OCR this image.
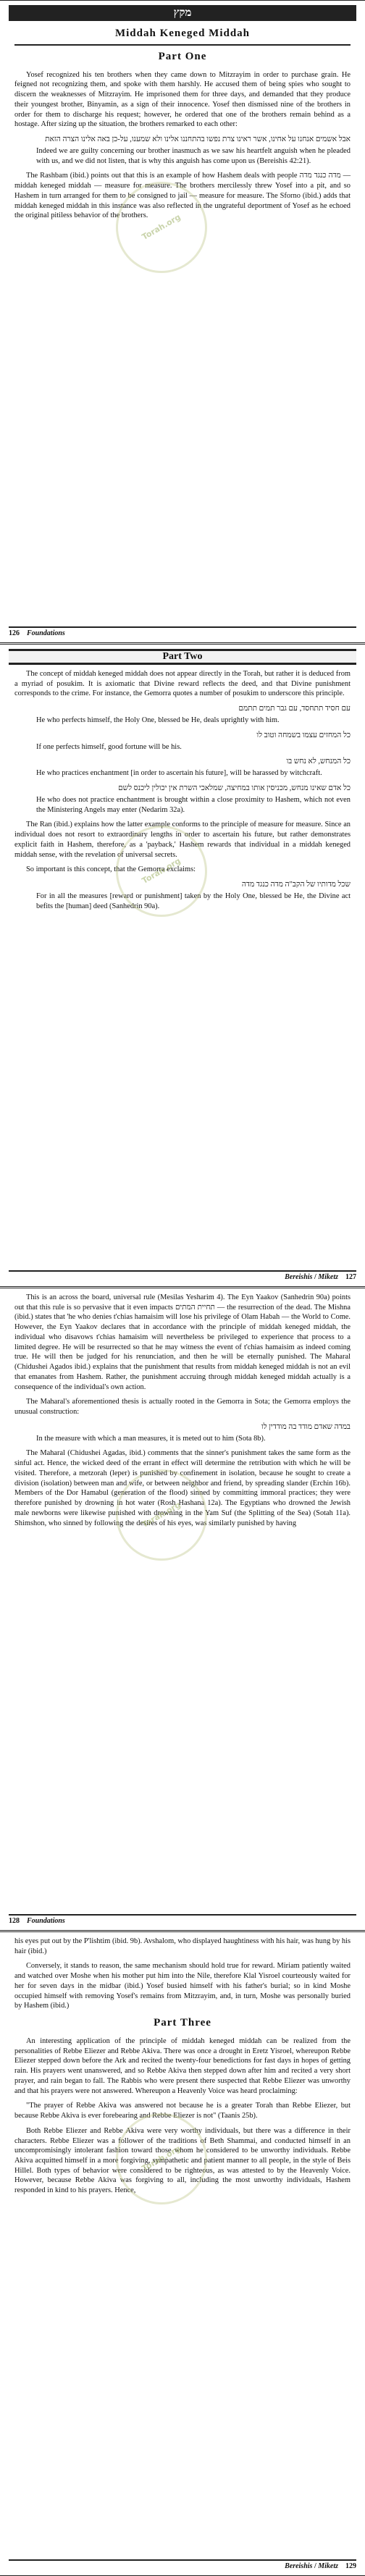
מקץ
Middah Keneged Middah
Part One

Yosef recognized his ten brothers when they came down to Mitzrayim in order to purchase grain. He feigned not recognizing them, and spoke with them harshly. He accused them of being spies who sought to discern the weaknesses of Mitzrayim. He imprisoned them for three days, and demanded that they produce their youngest brother, Binyamin, as a sign of their innocence. Yosef then dismissed nine of the brothers in order for them to discharge his request; however, he ordered that one of the brothers remain behind as a hostage. After sizing up the situation, the brothers remarked to each other:

אבל אשמים אנחנו על אחינו, אשר ראינו צרת נפשו בהתחננו אלינו ולא שמענו, על-כן באה אלינו הצרה הזאת
Indeed we are guilty concerning our brother inasmuch as we saw his heartfelt anguish when he pleaded with us, and we did not listen, that is why this anguish has come upon us (Bereishis 42:21).

The Rashbam (ibid.) points out that this is an example of how Hashem deals with people מדה כנגד מדה — middah keneged middah — measure for measure. The brothers mercilessly threw Yosef into a pit, and so Hashem in turn arranged for them to be consigned to jail — measure for measure. The Sforno (ibid.) adds that middah keneged middah in this instance was also reflected in the ungrateful deportment of Yosef as he echoed the original pitiless behavior of the brothers.

Torah.org
126 Foundations
Part Two

The concept of middah keneged middah does not appear directly in the Torah, but rather it is deduced from a myriad of posukim. It is axiomatic that Divine reward reflects the deed, and that Divine punishment corresponds to the crime. For instance, the Gemorra quotes a number of posukim to underscore this principle.

עם חסיד תתחסד, עם גבר תמים תתמם
He who perfects himself, the Holy One, blessed be He, deals uprightly with him.
כל המחזים עצמו בשמחה וטוב לו
If one perfects himself, good fortune will be his.
כל המנחש, לא נחש בו
He who practices enchantment [in order to ascertain his future], will be harassed by witchcraft.
כל אדם שאינו מנחש, מכניסין אותו במחיצה, שמלאכי השרת אין יכולין ליכנס לשם
He who does not practice enchantment is brought within a close proximity to Hashem, which not even the Ministering Angels may enter (Nedarim 32a).

The Ran (ibid.) explains how the latter example conforms to the principle of measure for measure. Since an individual does not resort to extraordinary lengths in order to ascertain his future, but rather demonstrates explicit faith in Hashem, therefore, as a 'payback,' Hashem rewards that individual in a middah keneged middah sense, with the revelation of universal secrets.

So important is this concept, that the Gemorra exclaims:

שכל מדותיו של הקב"ה מדה כנגד מדה
For in all the measures [reward or punishment] taken by the Holy One, blessed be He, the Divine act befits the [human] deed (Sanhedrin 90a).
Torah.org
Bereishis / Miketz 127

This is an across the board, universal rule (Mesilas Yesharim 4). The Eyn Yaakov (Sanhedrin 90a) points out that this rule is so pervasive that it even impacts תחיית המתים — the resurrection of the dead. The Mishna (ibid.) states that 'he who denies t'chias hamaisim will lose his privilege of Olam Habah — the World to Come. However, the Eyn Yaakov declares that in accordance with the principle of middah keneged middah, the individual who disavows t'chias hamaisim will nevertheless be privileged to experience that process to a limited degree. He will be resurrected so that he may witness the event of t'chias hamaisim as indeed coming true. He will then be judged for his renunciation, and then he will be eternally punished. The Maharal (Chidushei Agados ibid.) explains that the punishment that results from middah keneged middah is not an evil that emanates from Hashem. Rather, the punishment accruing through middah keneged middah actually is a consequence of the individual's own action.

The Maharal's aforementioned thesis is actually rooted in the Gemorra in Sota; the Gemorra employs the unusual construction:

במדה שאדם מודד בה מודדין לו
In the measure with which a man measures, it is meted out to him (Sota 8b).

The Maharal (Chidushei Agadas, ibid.) comments that the sinner's punishment takes the same form as the sinful act. Hence, the wicked deed of the errant in effect will determine the retribution with which he will be visited. Therefore, a metzorah (leper) is punished by confinement in isolation, because he sought to create a division (isolation) between man and wife, or between neighbor and friend, by spreading slander (Erchin 16b). Members of the Dor Hamabul (generation of the flood) sinned by committing immoral practices; they were therefore punished by drowning in hot water (Rosh Hashana 12a). The Egyptians who drowned the Jewish male newborns were likewise punished with drowning in the Yam Suf (the Splitting of the Sea) (Sotah 11a). Shimshon, who sinned by following the desires of his eyes, was similarly punished by having

Torah.org
128 Foundations

his eyes put out by the P'lishtim (ibid. 9b). Avshalom, who displayed haughtiness with his hair, was hung by his hair (ibid.)

Conversely, it stands to reason, the same mechanism should hold true for reward. Miriam patiently waited and watched over Moshe when his mother put him into the Nile, therefore Klal Yisroel courteously waited for her for seven days in the midbar (ibid.) Yosef busied himself with his father's burial; so in kind Moshe occupied himself with removing Yosef's remains from Mitzrayim, and, in turn, Moshe was personally buried by Hashem (ibid.)

Part Three

An interesting application of the principle of middah keneged middah can be realized from the personalities of Rebbe Eliezer and Rebbe Akiva. There was once a drought in Eretz Yisroel, whereupon Rebbe Eliezer stepped down before the Ark and recited the twenty-four benedictions for fast days in hopes of getting rain. His prayers went unanswered, and so Rebbe Akiva then stepped down after him and recited a very short prayer, and rain began to fall. The Rabbis who were present there suspected that Rebbe Eliezer was unworthy and that his prayers were not answered. Whereupon a Heavenly Voice was heard proclaiming:

"The prayer of Rebbe Akiva was answered not because he is a greater Torah than Rebbe Eliezer, but because Rebbe Akiva is ever forebearing and Rebbe Eliezer is not" (Taanis 25b).

Both Rebbe Eliezer and Rebbe Akiva were very worthy individuals, but there was a difference in their characters. Rebbe Eliezer was a follower of the traditions of Beth Shammai, and conducted himself in an uncompromisingly intolerant fashion toward those whom he considered to be unworthy individuals. Rebbe Akiva acquitted himself in a more forgiving, sympathetic and patient manner to all people, in the style of Beis Hillel. Both types of behavior were considered to be righteous, as was attested to by the Heavenly Voice. However, because Rebbe Akiva was forgiving to all, including the most unworthy individuals, Hashem responded in kind to his prayers. Hence,

Torah.org
Bereishis / Miketz 129
